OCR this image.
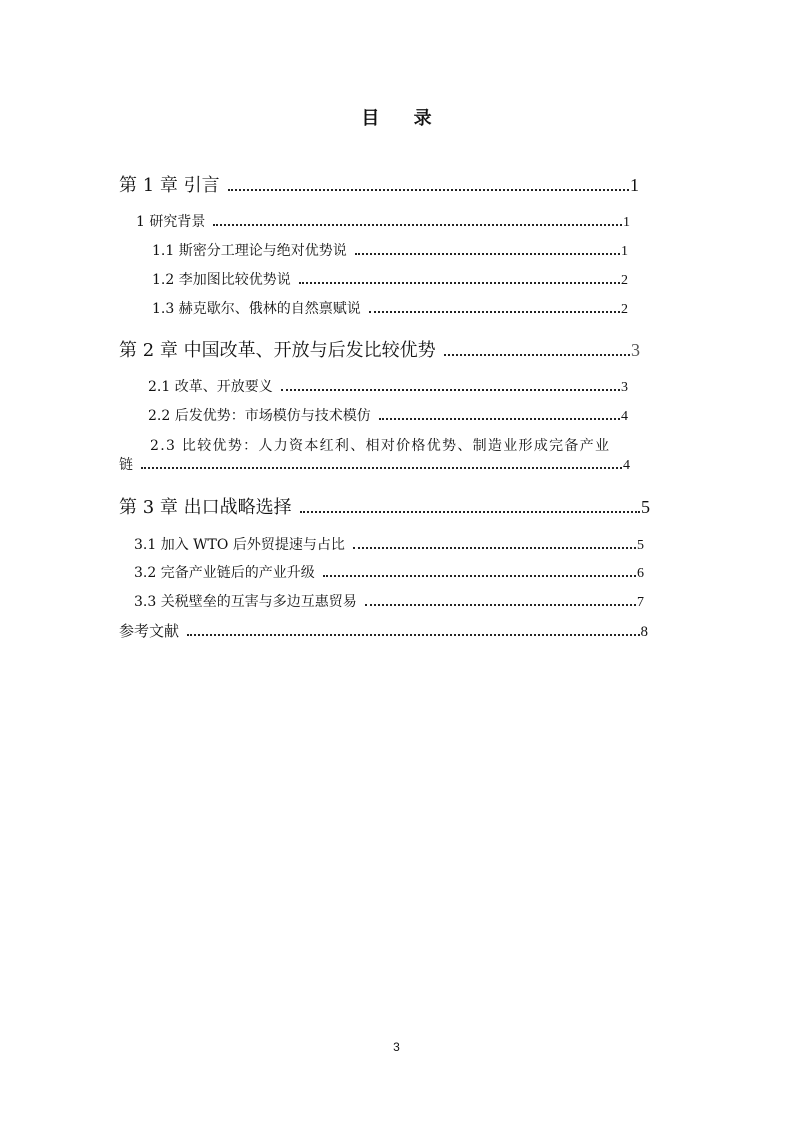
目 录
第 1 章 引言	1
1 研究背景	1
1.1 斯密分工理论与绝对优势说	1
1.2 李加图比较优势说	2
1.3 赫克歇尔、俄林的自然禀赋说	2
第 2 章 中国改革、开放与后发比较优势	3
2.1 改革、开放要义	3
2.2 后发优势：市场模仿与技术模仿	4
2.3 比较优势：人力资本红利、相对价格优势、制造业形成完备产业
链	4
第 3 章 出口战略选择	5
3.1 加入 WTO 后外贸提速与占比	5
3.2 完备产业链后的产业升级	6
3.3 关税壁垒的互害与多边互惠贸易	7
参考文献	8
3
